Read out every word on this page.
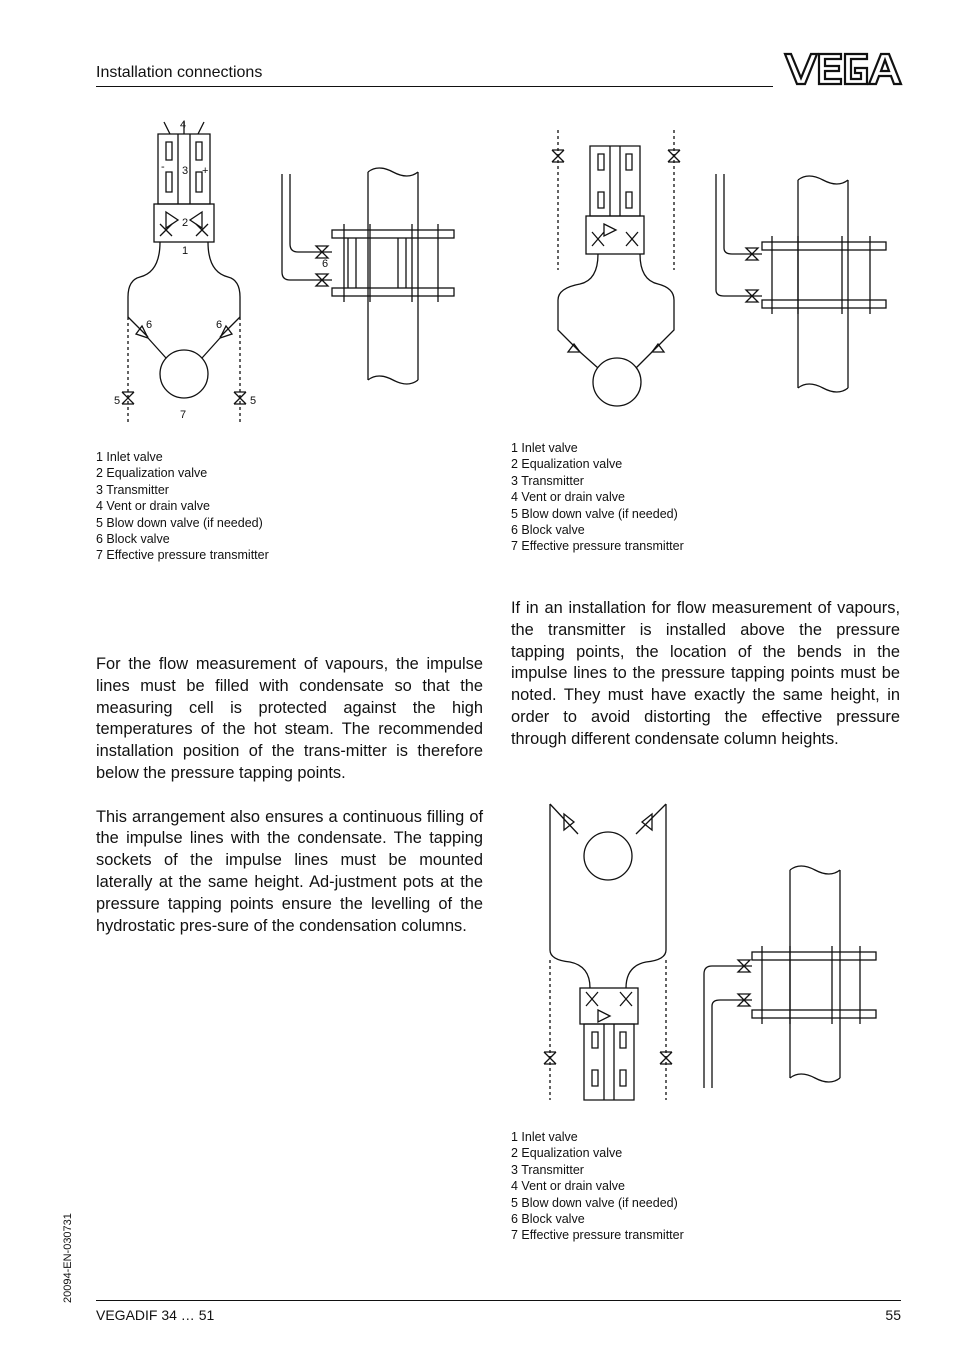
Installation connections
4
3
-	+
2
1
6	6
6
5	5
7
1 Inlet valve
2 Equalization valve
3 Transmitter
4 Vent or drain valve
5 Blow down valve (if needed)
6 Block valve
7 Effective pressure transmitter
1 Inlet valve
2 Equalization valve
3 Transmitter
4 Vent or drain valve
5 Blow down valve (if needed)
6 Block valve
7 Effective pressure transmitter

For the flow measurement of vapours, the impulse lines must be filled with condensate so that the measuring cell is protected against the high temperatures of the hot steam. The recommended installation position of the trans-mitter is therefore below the pressure tapping points.

This arrangement also ensures a continuous filling of the impulse lines with the condensate. The tapping sockets of the impulse lines must be mounted laterally at the same height. Ad-justment pots at the pressure tapping points ensure the levelling of the hydrostatic pres-sure of the condensation columns.

If in an installation for flow measurement of vapours, the transmitter is installed above the pressure tapping points, the location of the bends in the impulse lines to the pressure tapping points must be noted. They must have exactly the same height, in order to avoid distorting the effective pressure through different condensate column heights.

1 Inlet valve
2 Equalization valve
3 Transmitter
4 Vent or drain valve
5 Blow down valve (if needed)
6 Block valve
7 Effective pressure transmitter
20094-EN-030731
VEGADIF 34 … 51	55
